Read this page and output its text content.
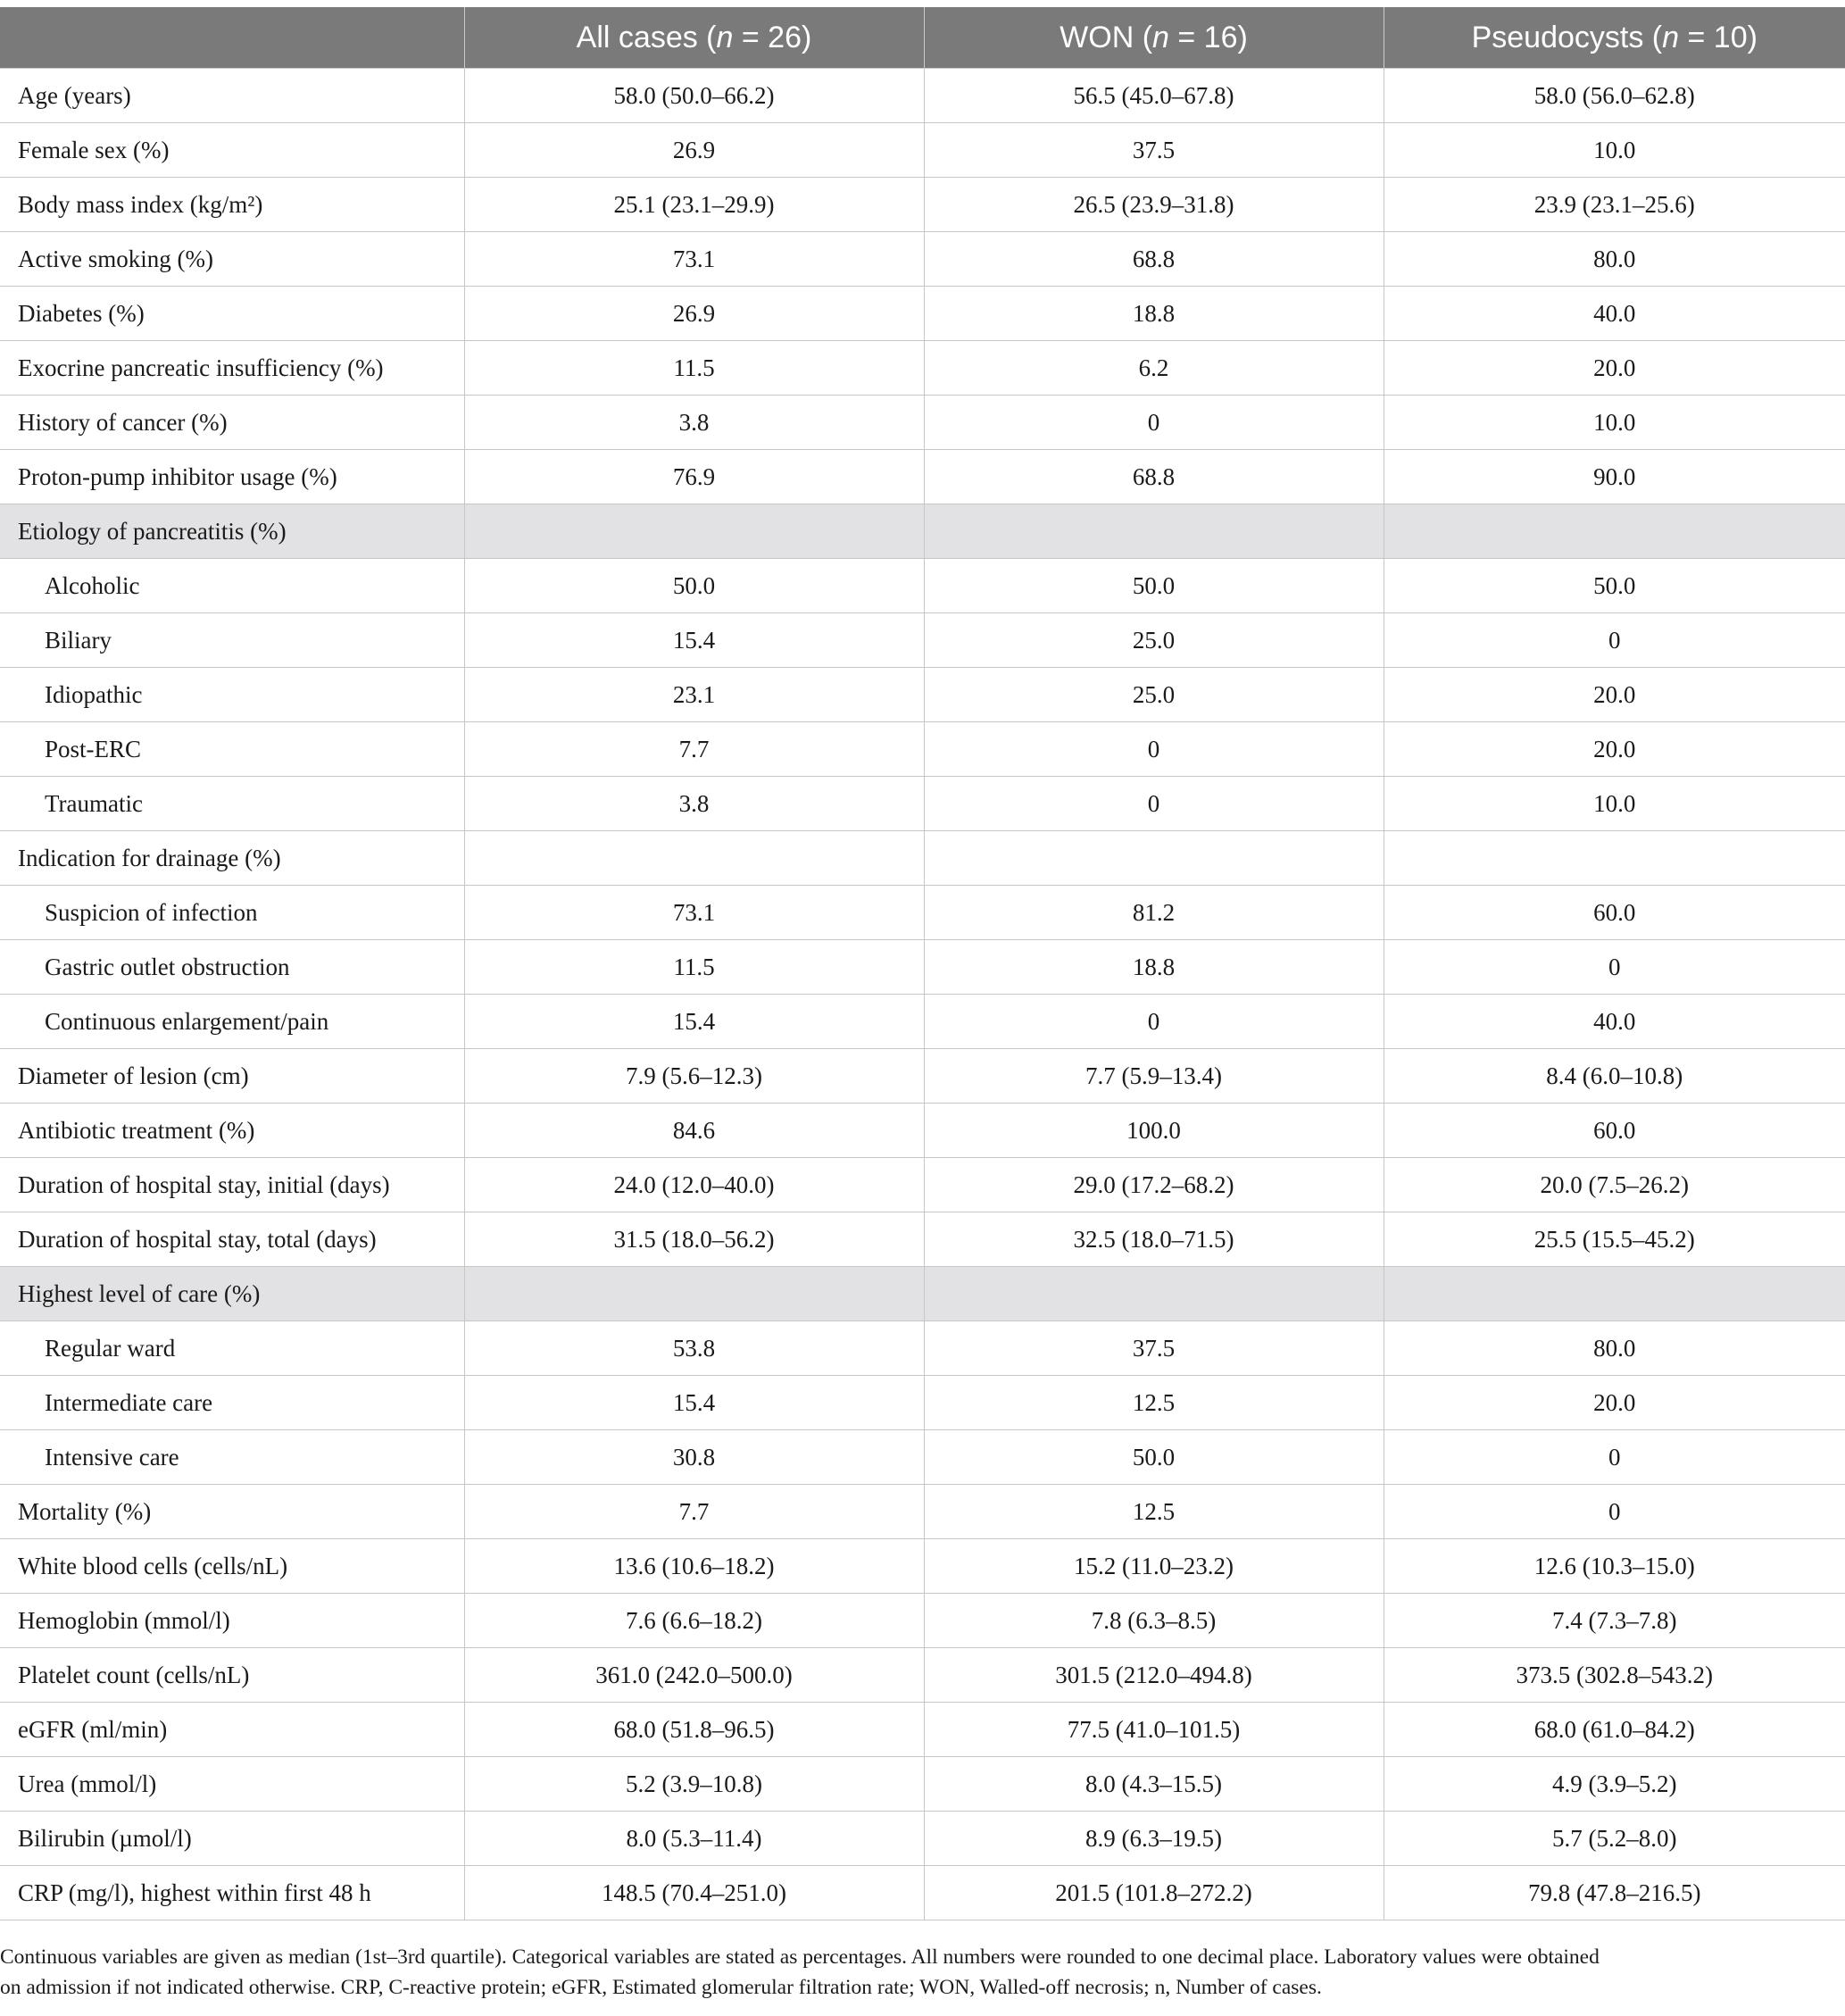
	All cases (n = 26)	WON (n = 16)	Pseudocysts (n = 10)
Age (years)	58.0 (50.0–66.2)	56.5 (45.0–67.8)	58.0 (56.0–62.8)
Female sex (%)	26.9	37.5	10.0
Body mass index (kg/m²)	25.1 (23.1–29.9)	26.5 (23.9–31.8)	23.9 (23.1–25.6)
Active smoking (%)	73.1	68.8	80.0
Diabetes (%)	26.9	18.8	40.0
Exocrine pancreatic insufficiency (%)	11.5	6.2	20.0
History of cancer (%)	3.8	0	10.0
Proton-pump inhibitor usage (%)	76.9	68.8	90.0
Etiology of pancreatitis (%)			
Alcoholic	50.0	50.0	50.0
Biliary	15.4	25.0	0
Idiopathic	23.1	25.0	20.0
Post-ERC	7.7	0	20.0
Traumatic	3.8	0	10.0
Indication for drainage (%)			
Suspicion of infection	73.1	81.2	60.0
Gastric outlet obstruction	11.5	18.8	0
Continuous enlargement/pain	15.4	0	40.0
Diameter of lesion (cm)	7.9 (5.6–12.3)	7.7 (5.9–13.4)	8.4 (6.0–10.8)
Antibiotic treatment (%)	84.6	100.0	60.0
Duration of hospital stay, initial (days)	24.0 (12.0–40.0)	29.0 (17.2–68.2)	20.0 (7.5–26.2)
Duration of hospital stay, total (days)	31.5 (18.0–56.2)	32.5 (18.0–71.5)	25.5 (15.5–45.2)
Highest level of care (%)			
Regular ward	53.8	37.5	80.0
Intermediate care	15.4	12.5	20.0
Intensive care	30.8	50.0	0
Mortality (%)	7.7	12.5	0
White blood cells (cells/nL)	13.6 (10.6–18.2)	15.2 (11.0–23.2)	12.6 (10.3–15.0)
Hemoglobin (mmol/l)	7.6 (6.6–18.2)	7.8 (6.3–8.5)	7.4 (7.3–7.8)
Platelet count (cells/nL)	361.0 (242.0–500.0)	301.5 (212.0–494.8)	373.5 (302.8–543.2)
eGFR (ml/min)	68.0 (51.8–96.5)	77.5 (41.0–101.5)	68.0 (61.0–84.2)
Urea (mmol/l)	5.2 (3.9–10.8)	8.0 (4.3–15.5)	4.9 (3.9–5.2)
Bilirubin (µmol/l)	8.0 (5.3–11.4)	8.9 (6.3–19.5)	5.7 (5.2–8.0)
CRP (mg/l), highest within first 48 h	148.5 (70.4–251.0)	201.5 (101.8–272.2)	79.8 (47.8–216.5)

Continuous variables are given as median (1st–3rd quartile). Categorical variables are stated as percentages. All numbers were rounded to one decimal place. Laboratory values were obtained

on admission if not indicated otherwise. CRP, C-reactive protein; eGFR, Estimated glomerular filtration rate; WON, Walled-off necrosis; n, Number of cases.
